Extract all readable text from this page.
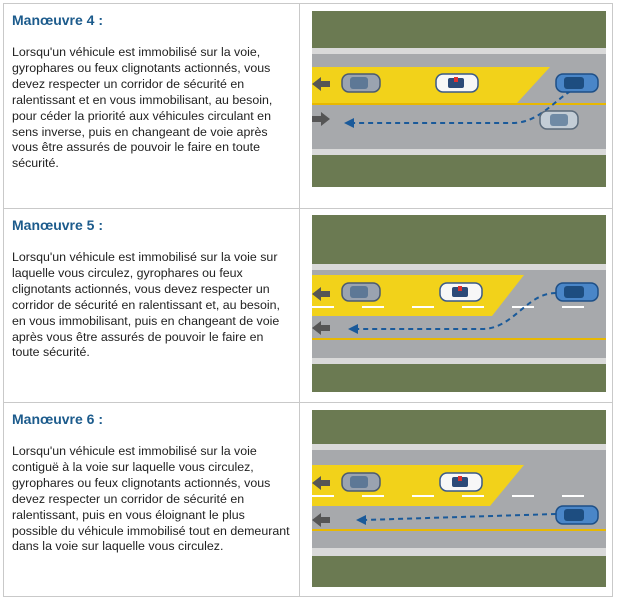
Manœuvre 4 :

Lorsqu'un véhicule est immobilisé sur la voie, gyrophares ou feux clignotants actionnés, vous devez respecter un corridor de sécurité en ralentissant et en vous immobilisant, au besoin, pour céder la priorité aux véhicules circulant en sens inverse, puis en changeant de voie après vous être assurés de pouvoir le faire en toute sécurité.

Manœuvre 5 :

Lorsqu'un véhicule est immobilisé sur la voie sur laquelle vous circulez, gyrophares ou feux clignotants actionnés, vous devez respecter un corridor de sécurité en ralentissant et, au besoin, en vous immobilisant, puis en changeant de voie après vous être assurés de pouvoir le faire en toute sécurité.

Manœuvre 6 :

Lorsqu'un véhicule est immobilisé sur la voie contiguë à la voie sur laquelle vous circulez, gyrophares ou feux clignotants actionnés, vous devez respecter un corridor de sécurité en ralentissant, puis en vous éloignant le plus possible du véhicule immobilisé tout en demeurant dans la voie sur laquelle vous circulez.
